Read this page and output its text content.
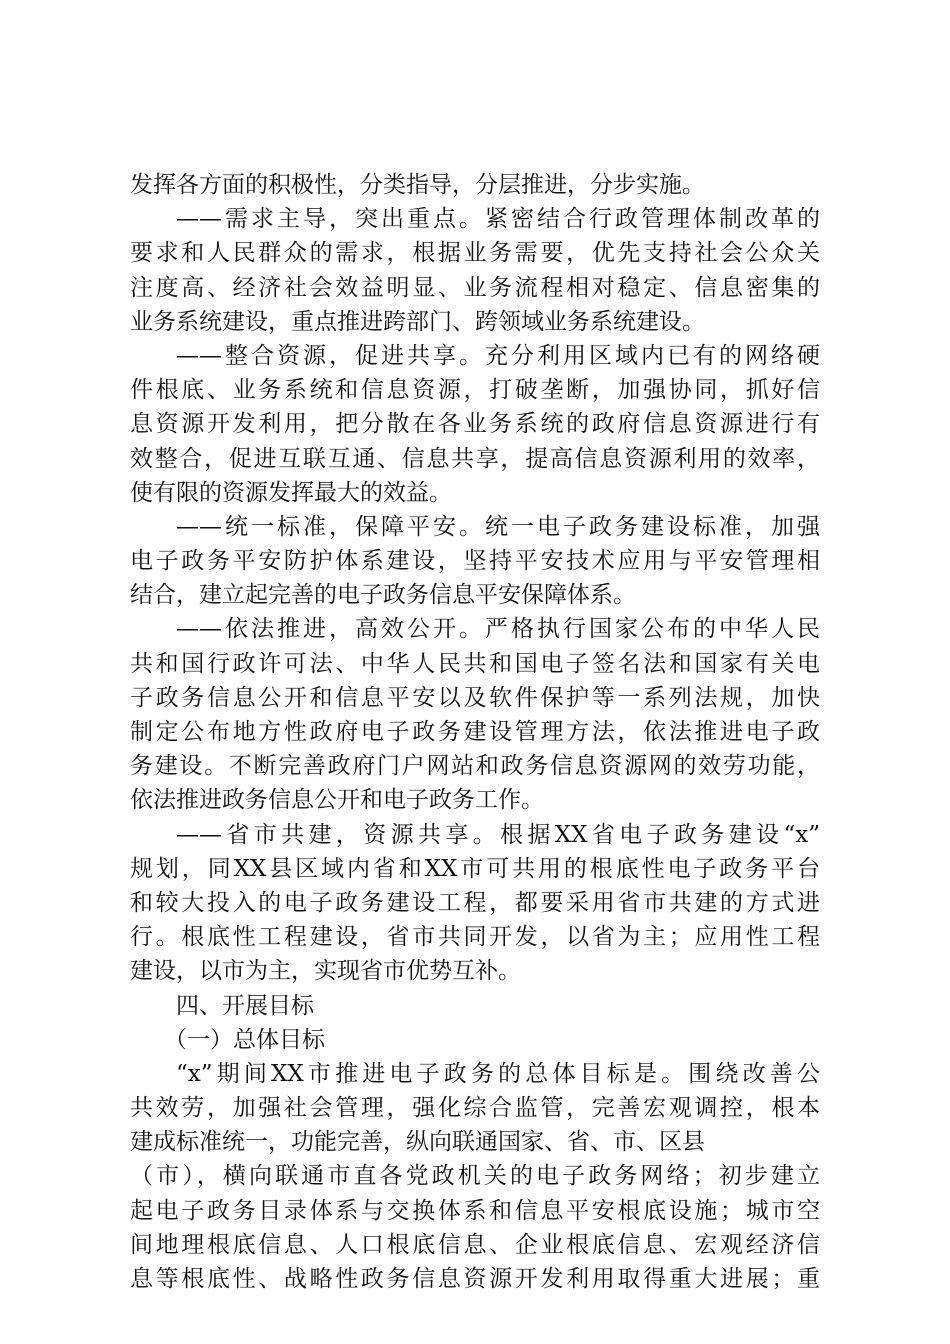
发挥各方面的积极性，分类指导，分层推进，分步实施。
——需求主导，突出重点。紧密结合行政管理体制改革的
要求和人民群众的需求，根据业务需要，优先支持社会公众关
注度高、经济社会效益明显、业务流程相对稳定、信息密集的
业务系统建设，重点推进跨部门、跨领域业务系统建设。
——整合资源，促进共享。充分利用区域内已有的网络硬
件根底、业务系统和信息资源，打破垄断，加强协同，抓好信
息资源开发利用，把分散在各业务系统的政府信息资源进行有
效整合，促进互联互通、信息共享，提高信息资源利用的效率，
使有限的资源发挥最大的效益。
——统一标准，保障平安。统一电子政务建设标准，加强
电子政务平安防护体系建设，坚持平安技术应用与平安管理相
结合，建立起完善的电子政务信息平安保障体系。
——依法推进，高效公开。严格执行国家公布的中华人民
共和国行政许可法、中华人民共和国电子签名法和国家有关电
子政务信息公开和信息平安以及软件保护等一系列法规，加快
制定公布地方性政府电子政务建设管理方法，依法推进电子政
务建设。不断完善政府门户网站和政务信息资源网的效劳功能，
依法推进政务信息公开和电子政务工作。
——省市共建，资源共享。根据XX省电子政务建设“x”
规划，同XX县区域内省和XX市可共用的根底性电子政务平台
和较大投入的电子政务建设工程，都要采用省市共建的方式进
行。根底性工程建设，省市共同开发，以省为主；应用性工程
建设，以市为主，实现省市优势互补。
四、开展目标
（一）总体目标
“x”期间XX市推进电子政务的总体目标是。围绕改善公
共效劳，加强社会管理，强化综合监管，完善宏观调控，根本
建成标准统一，功能完善，纵向联通国家、省、市、区县
（市），横向联通市直各党政机关的电子政务网络；初步建立
起电子政务目录体系与交换体系和信息平安根底设施；城市空
间地理根底信息、人口根底信息、企业根底信息、宏观经济信
息等根底性、战略性政务信息资源开发利用取得重大进展；重
